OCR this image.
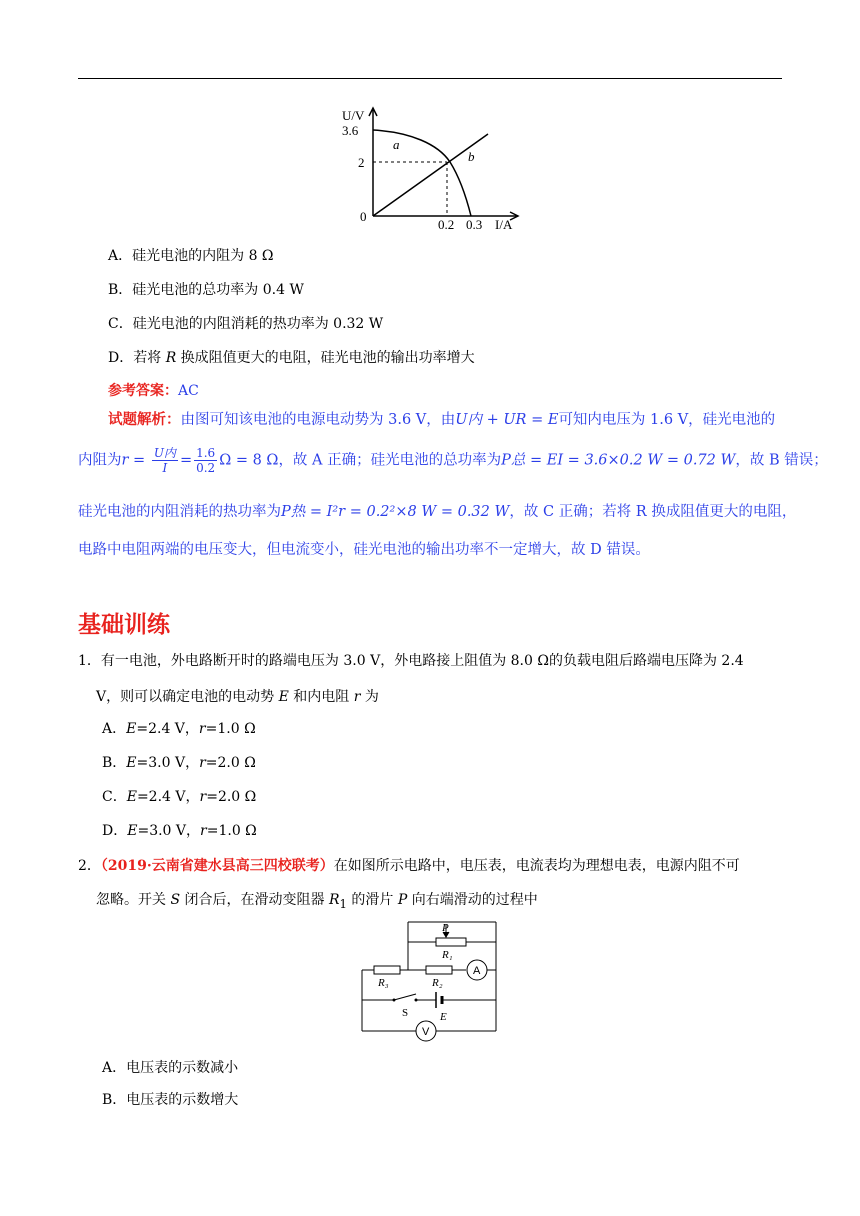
U/V
3.6
2
0
0.2 0.3 I/A
a
b
A．硅光电池的内阻为 8 Ω
B．硅光电池的总功率为 0.4 W
C．硅光电池的内阻消耗的热功率为 0.32 W
D．若将 R 换成阻值更大的电阻，硅光电池的输出功率增大
参考答案：AC
试题解析：由图可知该电池的电源电动势为 3.6 V，由U内 + UR = E可知内电压为 1.6 V，硅光电池的
内阻为$r = \frac{\text{U内}}{I} = \frac{1.6}{0.2}$ Ω = 8 Ω，故 A 正确；硅光电池的总功率为P总 = EI = 3.6×0.2 W = 0.72 W，故 B 错误；
硅光电池的内阻消耗的热功率为P热 = I²r = 0.2²×8 W = 0.32 W，故 C 正确；若将 R 换成阻值更大的电阻，
电路中电阻两端的电压变大，但电流变小，硅光电池的输出功率不一定增大，故 D 错误。
基础训练
1．有一电池，外电路断开时的路端电压为 3.0 V，外电路接上阻值为 8.0 Ω的负载电阻后路端电压降为 2.4
V，则可以确定电池的电动势 E 和内电阻 r 为
A．E=2.4 V，r=1.0 Ω
B．E=3.0 V，r=2.0 Ω
C．E=2.4 V，r=2.0 Ω
D．E=3.0 V，r=1.0 Ω
2．（2019·云南省建水县高三四校联考）在如图所示电路中，电压表，电流表均为理想电表，电源内阻不可
忽略。开关 S 闭合后，在滑动变阻器 $R_1$ 的滑片 P 向右端滑动的过程中
P
R₁
R₃	R₂
S	E
A
V
A．电压表的示数减小
B．电压表的示数增大
